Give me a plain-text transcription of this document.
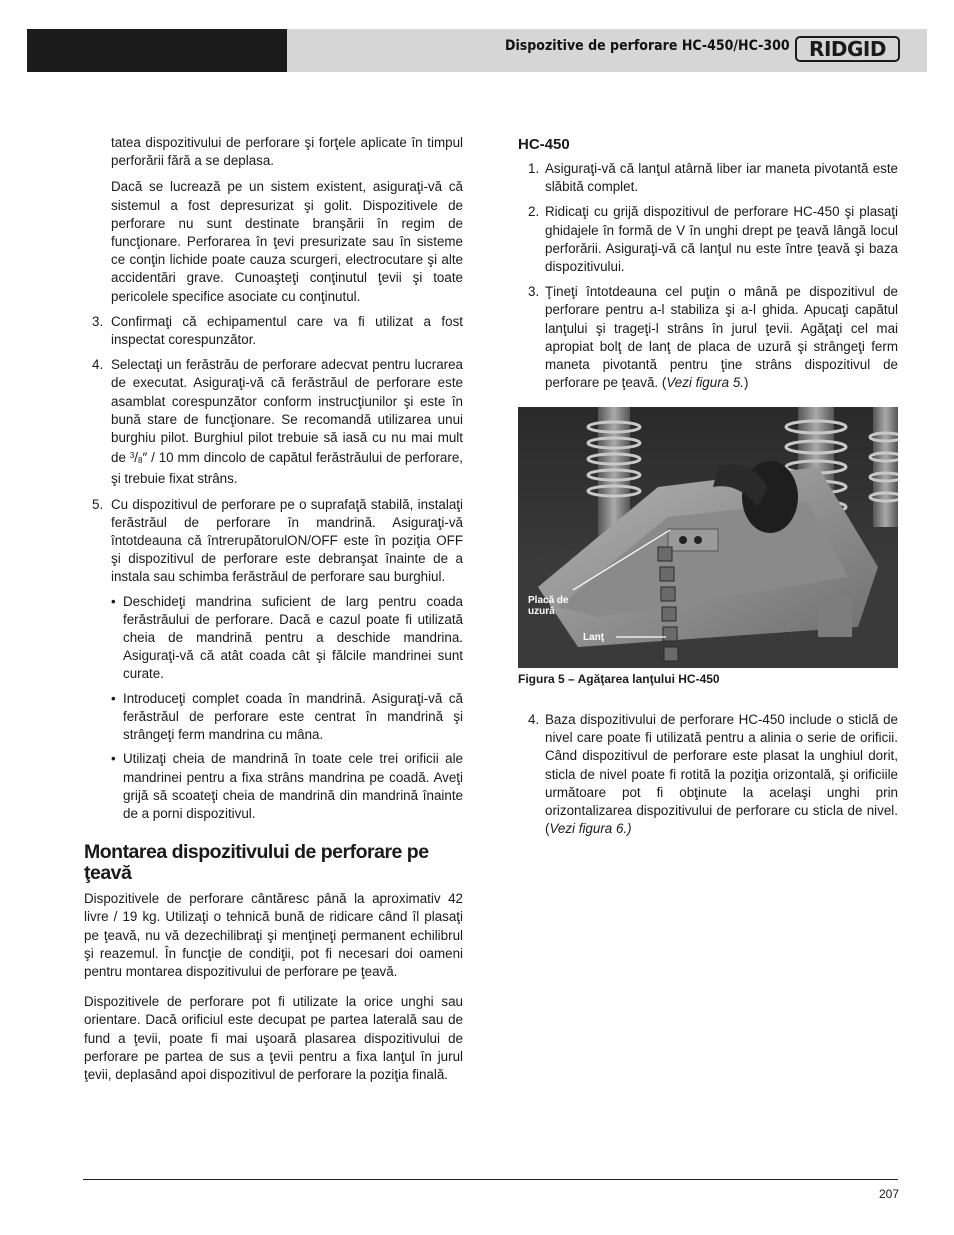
Dispozitive de perforare HC-450/HC-300 RIDGID

tatea dispozitivului de perforare şi forţele aplicate în timpul perforării fără a se deplasa.

Dacă se lucrează pe un sistem existent, asiguraţi-vă că sistemul a fost depresurizat şi golit. Dispozitivele de perforare nu sunt destinate branşării în regim de funcţionare. Perforarea în ţevi presurizate sau în sisteme ce conţin lichide poate cauza scurgeri, electrocutare şi alte accidentări grave. Cunoaşteţi conţinutul ţevii şi toate pericolele specifice asociate cu conţinutul.

3. Confirmaţi că echipamentul care va fi utilizat a fost inspectat corespunzător.

4. Selectaţi un ferăstrău de perforare adecvat pentru lucrarea de executat. Asiguraţi-vă că ferăstrăul de perforare este asamblat corespunzător conform instrucţiunilor şi este în bună stare de funcţionare. Se recomandă utilizarea unui burghiu pilot. Burghiul pilot trebuie să iasă cu nu mai mult de $^3/_8'' / 10$ mm dincolo de capătul ferăstrăului de perforare, şi trebuie fixat strâns.

5. Cu dispozitivul de perforare pe o suprafaţă stabilă, instalaţi ferăstrăul de perforare în mandrină. Asiguraţi-vă întotdeauna că întrerupătorulON/OFF este în poziţia OFF şi dispozitivul de perforare este debranşat înainte de a instala sau schimba ferăstrăul de perforare sau burghiul.

• Deschideţi mandrina suficient de larg pentru coada ferăstrăului de perforare. Dacă e cazul poate fi utilizată cheia de mandrină pentru a deschide mandrina. Asiguraţi-vă că atât coada cât şi fălcile mandrinei sunt curate.

• Introduceţi complet coada în mandrină. Asiguraţi-vă că ferăstrăul de perforare este centrat în mandrină şi strângeţi ferm mandrina cu mâna.

• Utilizaţi cheia de mandrină în toate cele trei orificii ale mandrinei pentru a fixa strâns mandrina pe coadă. Aveţi grijă să scoateţi cheia de mandrină din mandrină înainte de a porni dispozitivul.

Montarea dispozitivului de perforare pe ţeavă

Dispozitivele de perforare cântăresc până la aproximativ 42 livre / 19 kg. Utilizaţi o tehnică bună de ridicare când îl plasaţi pe ţeavă, nu vă dezechilibraţi şi menţineţi permanent echilibrul şi reazemul. În funcţie de condiţii, pot fi necesari doi oameni pentru montarea dispozitivului de perforare pe ţeavă.

Dispozitivele de perforare pot fi utilizate la orice unghi sau orientare. Dacă orificiul este decupat pe partea laterală sau de fund a ţevii, poate fi mai uşoară plasarea dispozitivului de perforare pe partea de sus a ţevii pentru a fixa lanţul în jurul ţevii, deplasând apoi dispozitivul de perforare la poziţia finală.

HC-450
1. Asiguraţi-vă că lanţul atârnă liber iar maneta pivotantă este slăbită complet.

2. Ridicaţi cu grijă dispozitivul de perforare HC-450 şi plasaţi ghidajele în formă de V în unghi drept pe ţeavă lângă locul perforării. Asiguraţi-vă că lanţul nu este între ţeavă şi baza dispozitivului.

3. Ţineţi întotdeauna cel puţin o mână pe dispozitivul de perforare pentru a-l stabiliza şi a-l ghida. Apucaţi capătul lanţului şi trageţi-l strâns în jurul ţevii. Agăţaţi cel mai apropiat bolţ de lanţ de placa de uzură şi strângeţi ferm maneta pivotantă pentru ţine strâns dispozitivul de perforare pe ţeavă. (Vezi figura 5.)

Placă de uzură
Lanţ
Figura 5 – Agăţarea lanţului HC-450
4. Baza dispozitivului de perforare HC-450 include o sticlă de nivel care poate fi utilizată pentru a alinia o serie de orificii. Când dispozitivul de perforare este plasat la unghiul dorit, sticla de nivel poate fi rotită la poziţia orizontală, şi orificiile următoare pot fi obţinute la acelaşi unghi prin orizontalizarea dispozitivului de perforare cu sticla de nivel. (Vezi figura 6.)

207
